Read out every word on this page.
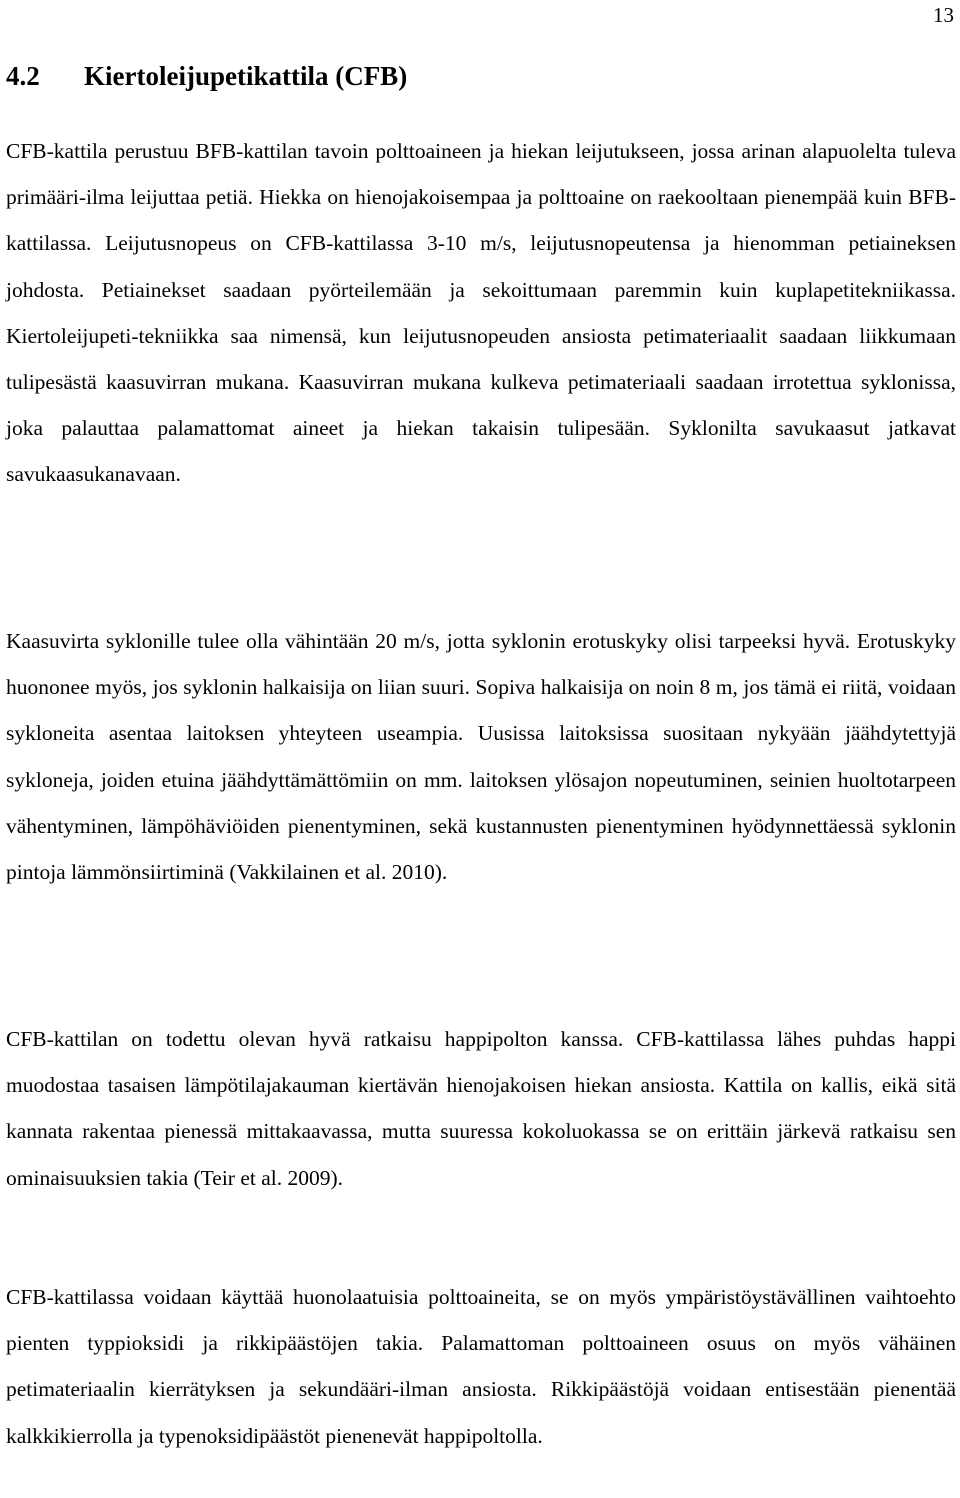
13
4.2 Kiertoleijupetikattila (CFB)

CFB-kattila perustuu BFB-kattilan tavoin polttoaineen ja hiekan leijutukseen, jossa arinan alapuolelta tuleva primääri-ilma leijuttaa petiä. Hiekka on hienojakoisempaa ja polttoaine on raekooltaan pienempää kuin BFB-kattilassa. Leijutusnopeus on CFB-kattilassa 3-10 m/s, leijutusnopeutensa ja hienomman petiaineksen johdosta. Petiainekset saadaan pyörteilemään ja sekoittumaan paremmin kuin kuplapetitekniikassa. Kiertoleijupeti-tekniikka saa nimensä, kun leijutusnopeuden ansiosta petimateriaalit saadaan liikkumaan tulipesästä kaasuvirran mukana. Kaasuvirran mukana kulkeva petimateriaali saadaan irrotettua syklonissa, joka palauttaa palamattomat aineet ja hiekan takaisin tulipesään. Syklonilta savukaasut jatkavat savukaasukanavaan.

Kaasuvirta syklonille tulee olla vähintään 20 m/s, jotta syklonin erotuskyky olisi tarpeeksi hyvä. Erotuskyky huononee myös, jos syklonin halkaisija on liian suuri. Sopiva halkaisija on noin 8 m, jos tämä ei riitä, voidaan sykloneita asentaa laitoksen yhteyteen useampia. Uusissa laitoksissa suositaan nykyään jäähdytettyjä sykloneja, joiden etuina jäähdyttämättömiin on mm. laitoksen ylösajon nopeutuminen, seinien huoltotarpeen vähentyminen, lämpöhäviöiden pienentyminen, sekä kustannusten pienentyminen hyödynnettäessä syklonin pintoja lämmönsiirtiminä (Vakkilainen et al. 2010).

CFB-kattilan on todettu olevan hyvä ratkaisu happipolton kanssa. CFB-kattilassa lähes puhdas happi muodostaa tasaisen lämpötilajakauman kiertävän hienojakoisen hiekan ansiosta. Kattila on kallis, eikä sitä kannata rakentaa pienessä mittakaavassa, mutta suuressa kokoluokassa se on erittäin järkevä ratkaisu sen ominaisuuksien takia (Teir et al. 2009).

CFB-kattilassa voidaan käyttää huonolaatuisia polttoaineita, se on myös ympäristöystävällinen vaihtoehto pienten typpioksidi ja rikkipäästöjen takia. Palamattoman polttoaineen osuus on myös vähäinen petimateriaalin kierrätyksen ja sekundääri-ilman ansiosta. Rikkipäästöjä voidaan entisestään pienentää kalkkikierrolla ja typenoksidipäästöt pienenevät happipoltolla.
